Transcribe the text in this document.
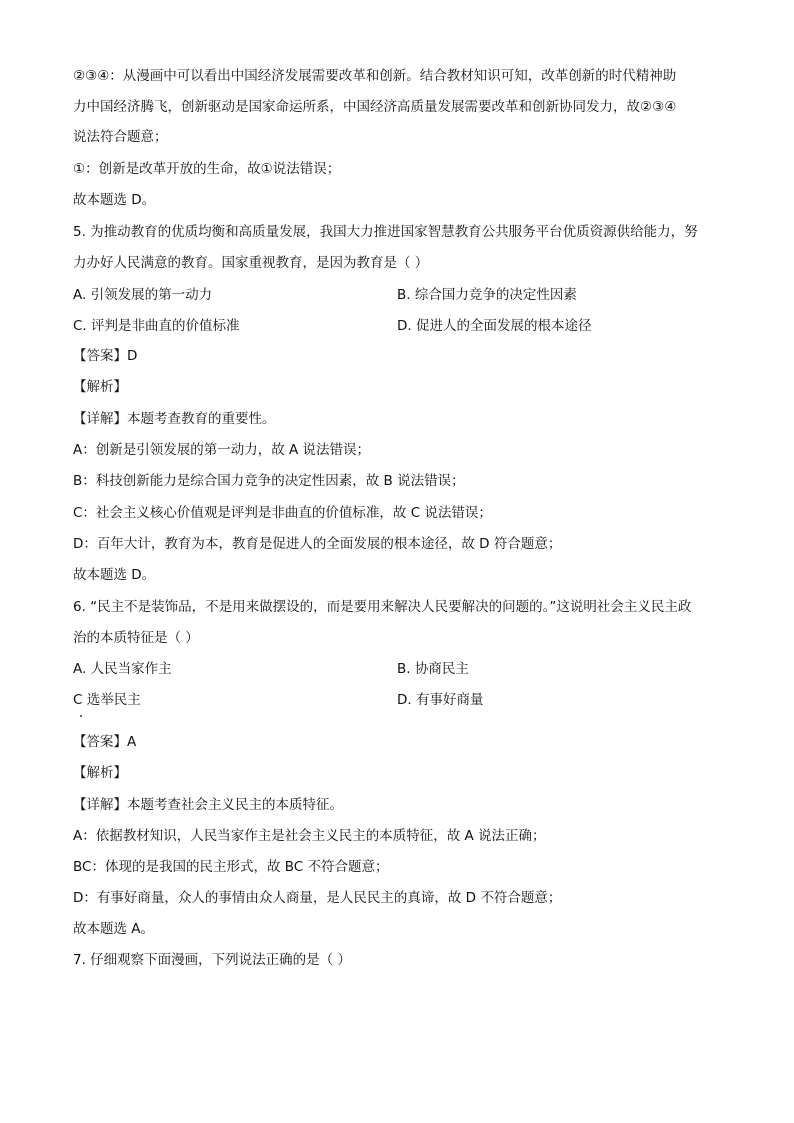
②③④：从漫画中可以看出中国经济发展需要改革和创新。结合教材知识可知，改革创新的时代精神助
力中国经济腾飞，创新驱动是国家命运所系，中国经济高质量发展需要改革和创新协同发力，故②③④
说法符合题意；
①：创新是改革开放的生命，故①说法错误；
故本题选 D。
5. 为推动教育的优质均衡和高质量发展，我国大力推进国家智慧教育公共服务平台优质资源供给能力，努
力办好人民满意的教育。国家重视教育，是因为教育是（ ）
A. 引领发展的第一动力	B. 综合国力竞争的决定性因素
C. 评判是非曲直的价值标准	D. 促进人的全面发展的根本途径
【答案】D
【解析】
【详解】本题考查教育的重要性。
A：创新是引领发展的第一动力，故 A 说法错误；
B：科技创新能力是综合国力竞争的决定性因素，故 B 说法错误；
C：社会主义核心价值观是评判是非曲直的价值标准，故 C 说法错误；
D：百年大计，教育为本，教育是促进人的全面发展的根本途径，故 D 符合题意；
故本题选 D。
6. “民主不是装饰品，不是用来做摆设的，而是要用来解决人民要解决的问题的。”这说明社会主义民主政
治的本质特征是（ ）
A. 人民当家作主	B. 协商民主
C 选举民主	D. 有事好商量
【答案】A
【解析】
【详解】本题考查社会主义民主的本质特征。
A：依据教材知识，人民当家作主是社会主义民主的本质特征，故 A 说法正确；
BC：体现的是我国的民主形式，故 BC 不符合题意；
D：有事好商量，众人的事情由众人商量，是人民民主的真谛，故 D 不符合题意；
故本题选 A。
7. 仔细观察下面漫画，下列说法正确的是（ ）
